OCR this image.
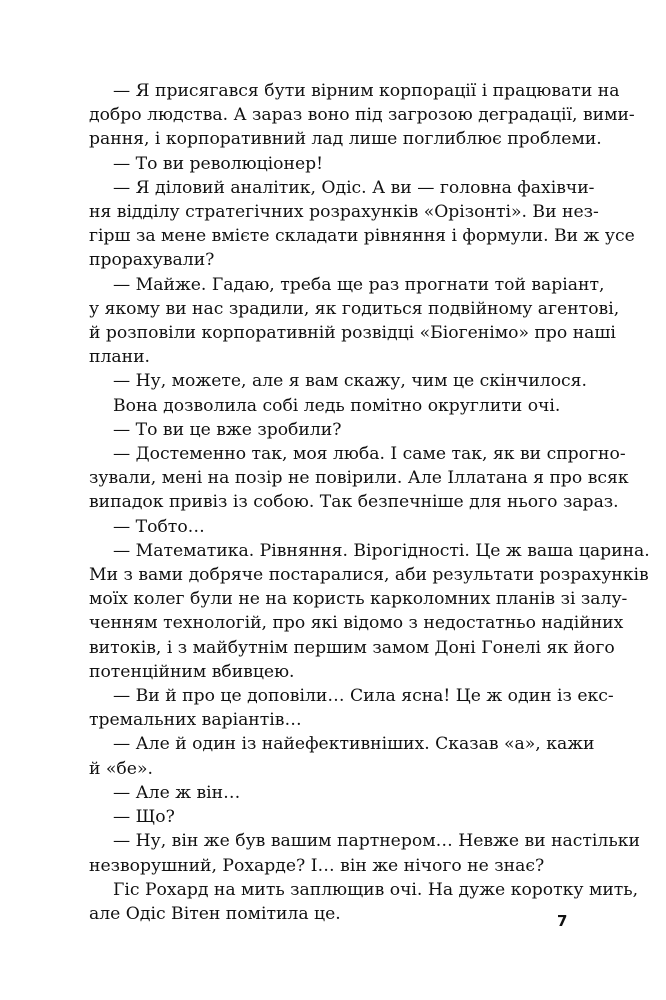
— Я присягався бути вірним корпорації і працювати на
добро людства. А зараз воно під загрозою деградації, вими-
рання, і корпоративний лад лише поглиблює проблеми.
— То ви революціонер!
— Я діловий аналітик, Одіс. А ви — головна фахівчи-
ня відділу стратегічних розрахунків «Орізонті». Ви нез-
гірш за мене вмієте складати рівняння і формули. Ви ж усе
прорахували?
— Майже. Гадаю, треба ще раз прогнати той варіант,
у якому ви нас зрадили, як годиться подвійному агентові,
й розповіли корпоративній розвідці «Біогенімо» про наші
плани.
— Ну, можете, але я вам скажу, чим це скінчилося.
Вона дозволила собі ледь помітно округлити очі.
— То ви це вже зробили?
— Достеменно так, моя люба. І саме так, як ви спрогно-
зували, мені на позір не повірили. Але Іллатана я про всяк
випадок привіз із собою. Так безпечніше для нього зараз.
— Тобто…
— Математика. Рівняння. Вірогідності. Це ж ваша царина.
Ми з вами добряче постаралися, аби результати розрахунків
моїх колег були не на користь карколомних планів зі залу-
ченням технологій, про які відомо з недостатньо надійних
витоків, і з майбутнім першим замом Доні Гонелі як його
потенційним вбивцею.
— Ви й про це доповіли… Сила ясна! Це ж один із екс-
тремальних варіантів…
— Але й один із найефективніших. Сказав «а», кажи
й «бе».
— Але ж він…
— Що?
— Ну, він же був вашим партнером… Невже ви настільки
незворушний, Рохарде? І… він же нічого не знає?
Гіс Рохард на мить заплющив очі. На дуже коротку мить,
але Одіс Вітен помітила це.	7
